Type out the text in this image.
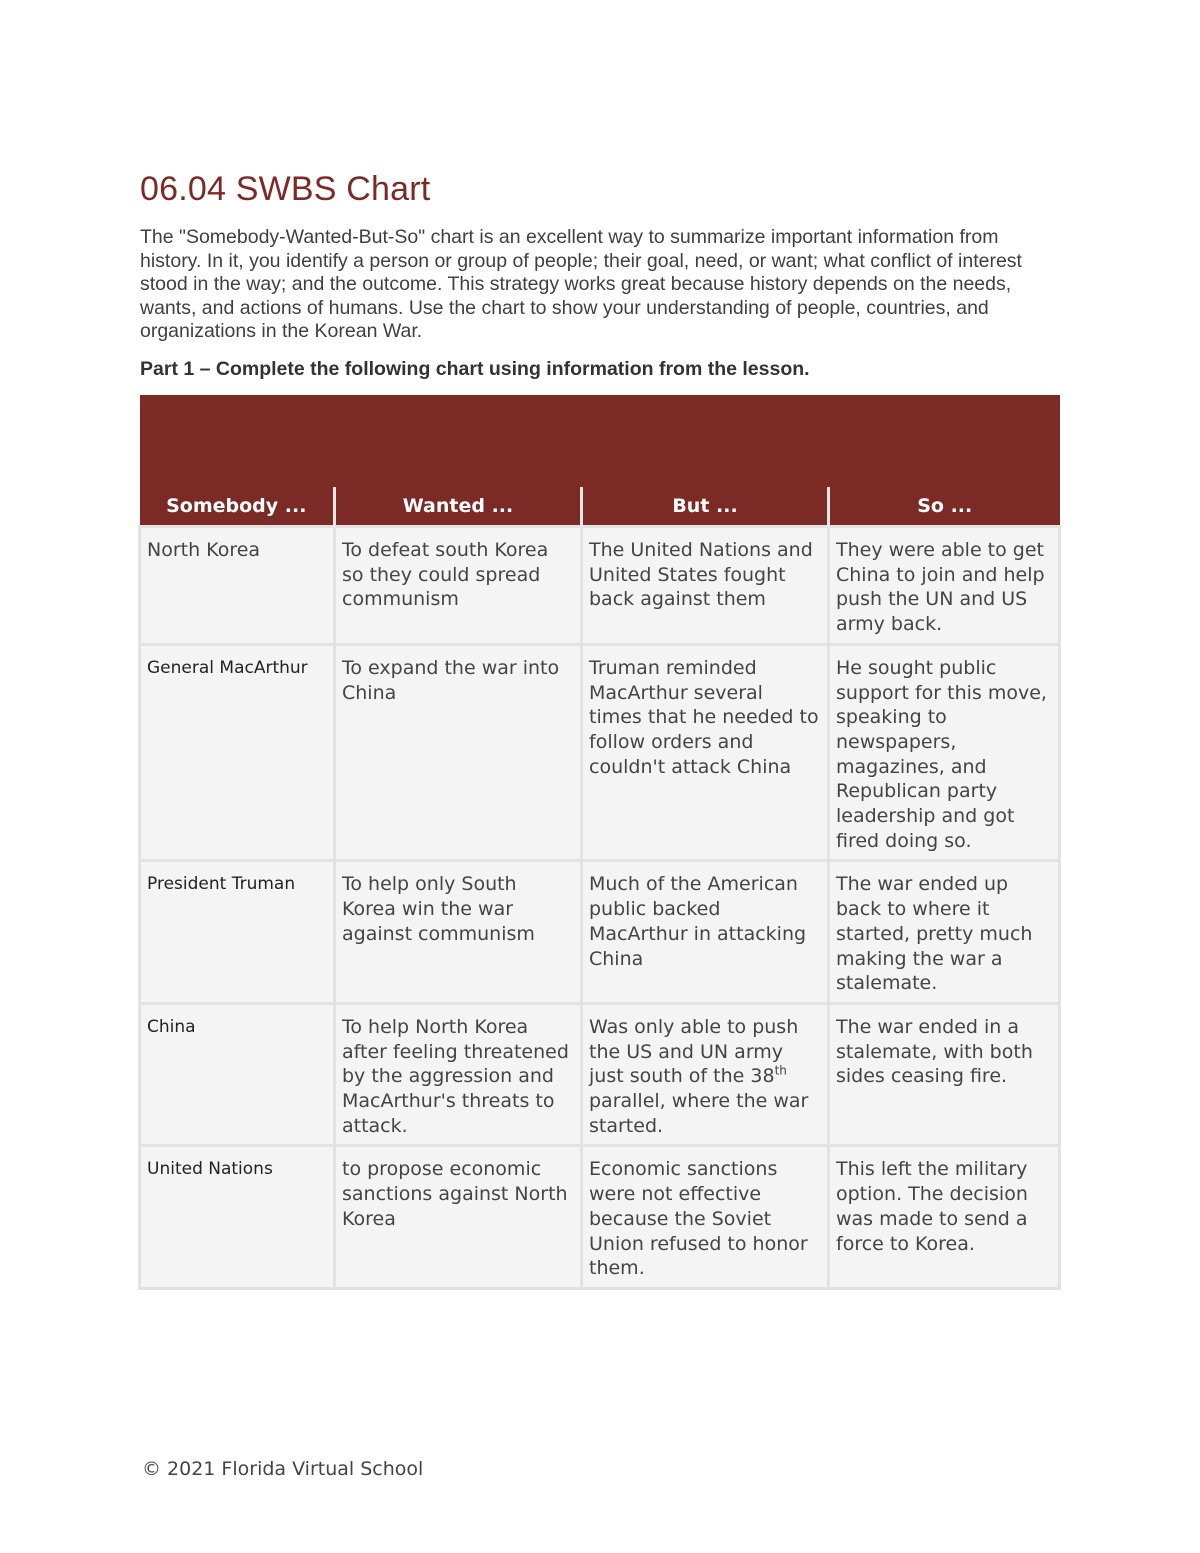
06.04 SWBS Chart

The "Somebody-Wanted-But-So" chart is an excellent way to summarize important information from history. In it, you identify a person or group of people; their goal, need, or want; what conflict of interest stood in the way; and the outcome. This strategy works great because history depends on the needs, wants, and actions of humans. Use the chart to show your understanding of people, countries, and organizations in the Korean War.

Part 1 – Complete the following chart using information from the lesson.

Somebody ...	Wanted ...	But ...	So ...
North Korea	To defeat south Korea so they could spread communism	The United Nations and United States fought back against them	They were able to get China to join and help push the UN and US army back.
General MacArthur	To expand the war into China	Truman reminded MacArthur several times that he needed to follow orders and couldn't attack China	He sought public support for this move, speaking to newspapers, magazines, and Republican party leadership and got fired doing so.
President Truman	To help only South Korea win the war against communism	Much of the American public backed MacArthur in attacking China	The war ended up back to where it started, pretty much making the war a stalemate.
China	To help North Korea after feeling threatened by the aggression and MacArthur's threats to attack.	Was only able to push the US and UN army just south of the 38th parallel, where the war started.	The war ended in a stalemate, with both sides ceasing fire.
United Nations	to propose economic sanctions against North Korea	Economic sanctions were not effective because the Soviet Union refused to honor them.	This left the military option. The decision was made to send a force to Korea.

© 2021 Florida Virtual School
